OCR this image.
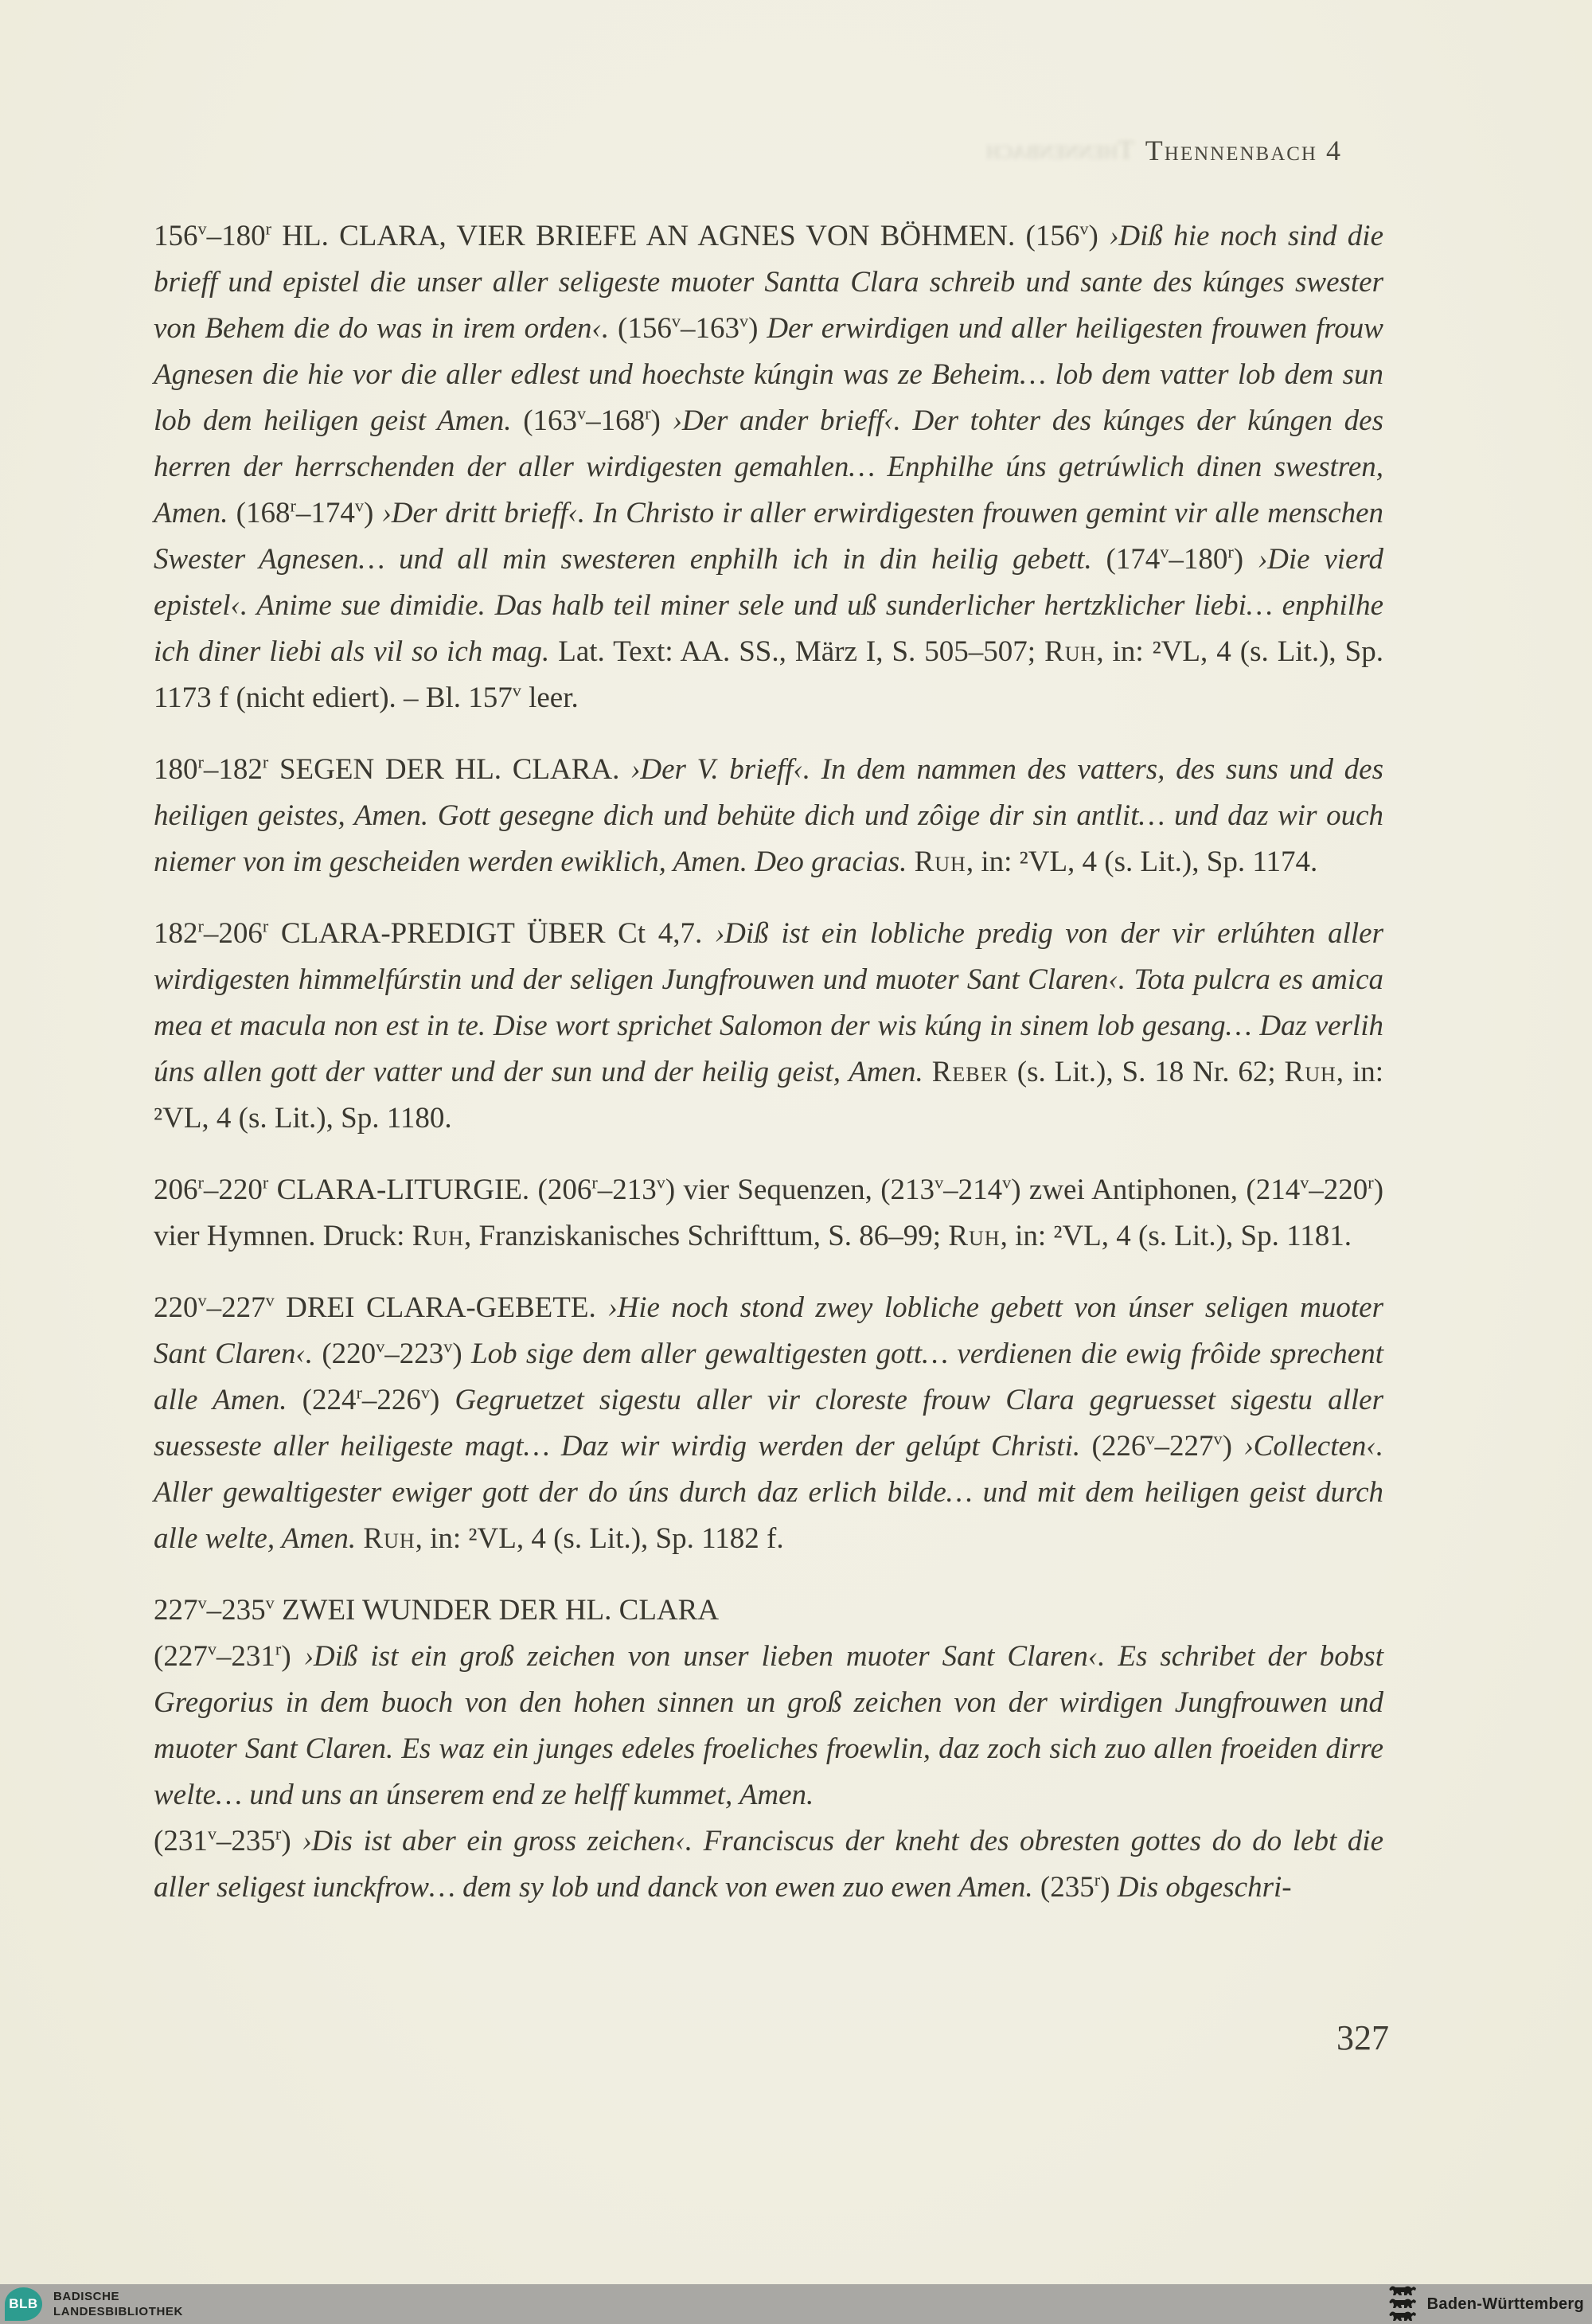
Thennenbach Thennenbach 4

156$^v$–180$^r$ HL. CLARA, VIER BRIEFE AN AGNES VON BÖHMEN. (156$^v$) ›Diß hie noch sind die brieff und epistel die unser aller seligeste muoter Santta Clara schreib und sante des kúnges swester von Behem die do was in irem orden‹. (156$^v$–163$^v$) Der erwirdigen und aller heiligesten frouwen frouw Agnesen die hie vor die aller edlest und hoechste kúngin was ze Beheim… lob dem vatter lob dem sun lob dem heiligen geist Amen. (163$^v$–168$^r$) ›Der ander brieff‹. Der tohter des kúnges der kúngen des herren der herrschenden der aller wirdigesten gemahlen… Enphilhe úns getrúwlich dinen swestren, Amen. (168$^r$–174$^v$) ›Der dritt brieff‹. In Christo ir aller erwirdigesten frouwen gemint vir alle menschen Swester Agnesen… und all min swesteren enphilh ich in din heilig gebett. (174$^v$–180$^r$) ›Die vierd epistel‹. Anime sue dimidie. Das halb teil miner sele und uß sunderlicher hertzklicher liebi… enphilhe ich diner liebi als vil so ich mag. Lat. Text: AA. SS., März I, S. 505–507; Ruh, in: ²VL, 4 (s. Lit.), Sp. 1173 f (nicht ediert). – Bl. 157$^v$ leer.

180$^r$–182$^r$ SEGEN DER HL. CLARA. ›Der V. brieff‹. In dem nammen des vatters, des suns und des heiligen geistes, Amen. Gott gesegne dich und behüte dich und zôige dir sin antlit… und daz wir ouch niemer von im gescheiden werden ewiklich, Amen. Deo gracias. Ruh, in: ²VL, 4 (s. Lit.), Sp. 1174.

182$^r$–206$^r$ CLARA-PREDIGT ÜBER Ct 4,7. ›Diß ist ein lobliche predig von der vir erlúhten aller wirdigesten himmelfúrstin und der seligen Jungfrouwen und muoter Sant Claren‹. Tota pulcra es amica mea et macula non est in te. Dise wort sprichet Salomon der wis kúng in sinem lob gesang… Daz verlih úns allen gott der vatter und der sun und der heilig geist, Amen. Reber (s. Lit.), S. 18 Nr. 62; Ruh, in: ²VL, 4 (s. Lit.), Sp. 1180.

206$^r$–220$^r$ CLARA-LITURGIE. (206$^r$–213$^v$) vier Sequenzen, (213$^v$–214$^v$) zwei Antiphonen, (214$^v$–220$^r$) vier Hymnen. Druck: Ruh, Franziskanisches Schrifttum, S. 86–99; Ruh, in: ²VL, 4 (s. Lit.), Sp. 1181.

220$^v$–227$^v$ DREI CLARA-GEBETE. ›Hie noch stond zwey lobliche gebett von únser seligen muoter Sant Claren‹. (220$^v$–223$^v$) Lob sige dem aller gewaltigesten gott… verdienen die ewig frôide sprechent alle Amen. (224$^r$–226$^v$) Gegruetzet sigestu aller vir cloreste frouw Clara gegruesset sigestu aller suesseste aller heiligeste magt… Daz wir wirdig werden der gelúpt Christi. (226$^v$–227$^v$) ›Collecten‹. Aller gewaltigester ewiger gott der do úns durch daz erlich bilde… und mit dem heiligen geist durch alle welte, Amen. Ruh, in: ²VL, 4 (s. Lit.), Sp. 1182 f.

227$^v$–235$^v$ ZWEI WUNDER DER HL. CLARA

(227$^v$–231$^r$) ›Diß ist ein groß zeichen von unser lieben muoter Sant Claren‹. Es schribet der bobst Gregorius in dem buoch von den hohen sinnen un groß zeichen von der wirdigen Jungfrouwen und muoter Sant Claren. Es waz ein junges edeles froeliches froewlin, daz zoch sich zuo allen froeiden dirre welte… und uns an únserem end ze helff kummet, Amen.

(231$^v$–235$^r$) ›Dis ist aber ein gross zeichen‹. Franciscus der kneht des obresten gottes do do lebt die aller seligest iunckfrow… dem sy lob und danck von ewen zuo ewen Amen. (235$^r$) Dis obgeschri-

327
BLB	BADISCHE
LANDESBIBLIOTHEK	Baden-Württemberg
